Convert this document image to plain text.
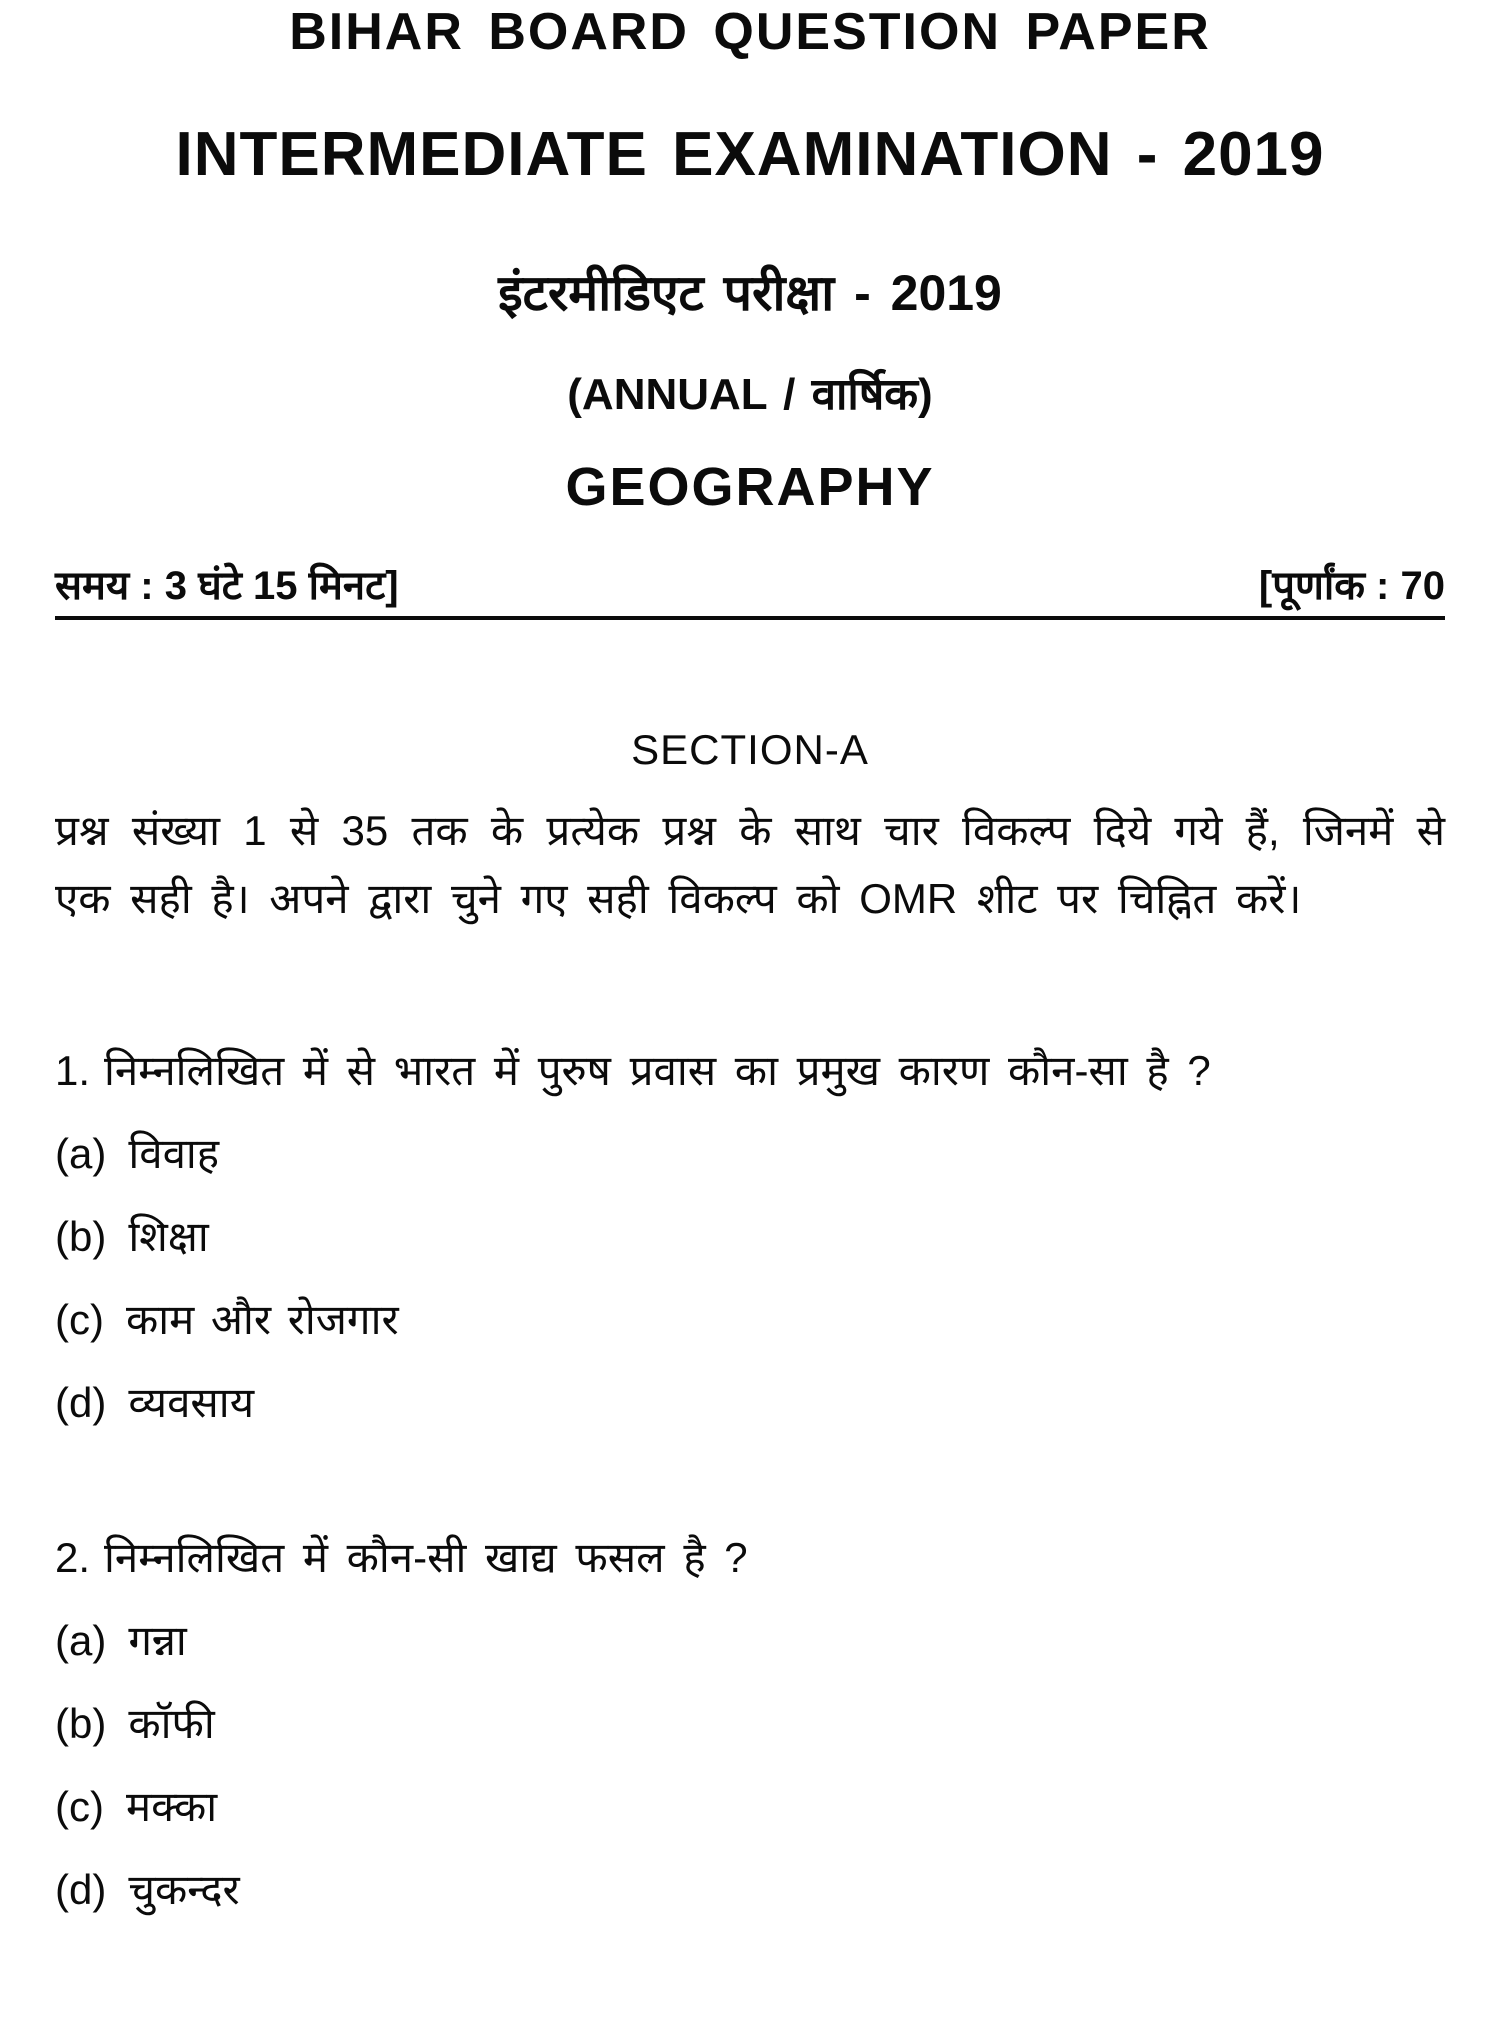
BIHAR BOARD QUESTION PAPER
INTERMEDIATE EXAMINATION - 2019
इंटरमीडिएट परीक्षा - 2019
(ANNUAL / वार्षिक)
GEOGRAPHY
समय : 3 घंटे 15 मिनट]	[पूर्णांक : 70
SECTION-A
प्रश्न संख्या 1 से 35 तक के प्रत्येक प्रश्न के साथ चार विकल्प दिये गये हैं, जिनमें से
एक सही है। अपने द्वारा चुने गए सही विकल्प को OMR शीट पर चिह्नित करें।
1. निम्नलिखित में से भारत में पुरुष प्रवास का प्रमुख कारण कौन-सा है ?
(a) विवाह
(b) शिक्षा
(c) काम और रोजगार
(d) व्यवसाय
2. निम्नलिखित में कौन-सी खाद्य फसल है ?
(a) गन्ना
(b) कॉफी
(c) मक्का
(d) चुकन्दर
